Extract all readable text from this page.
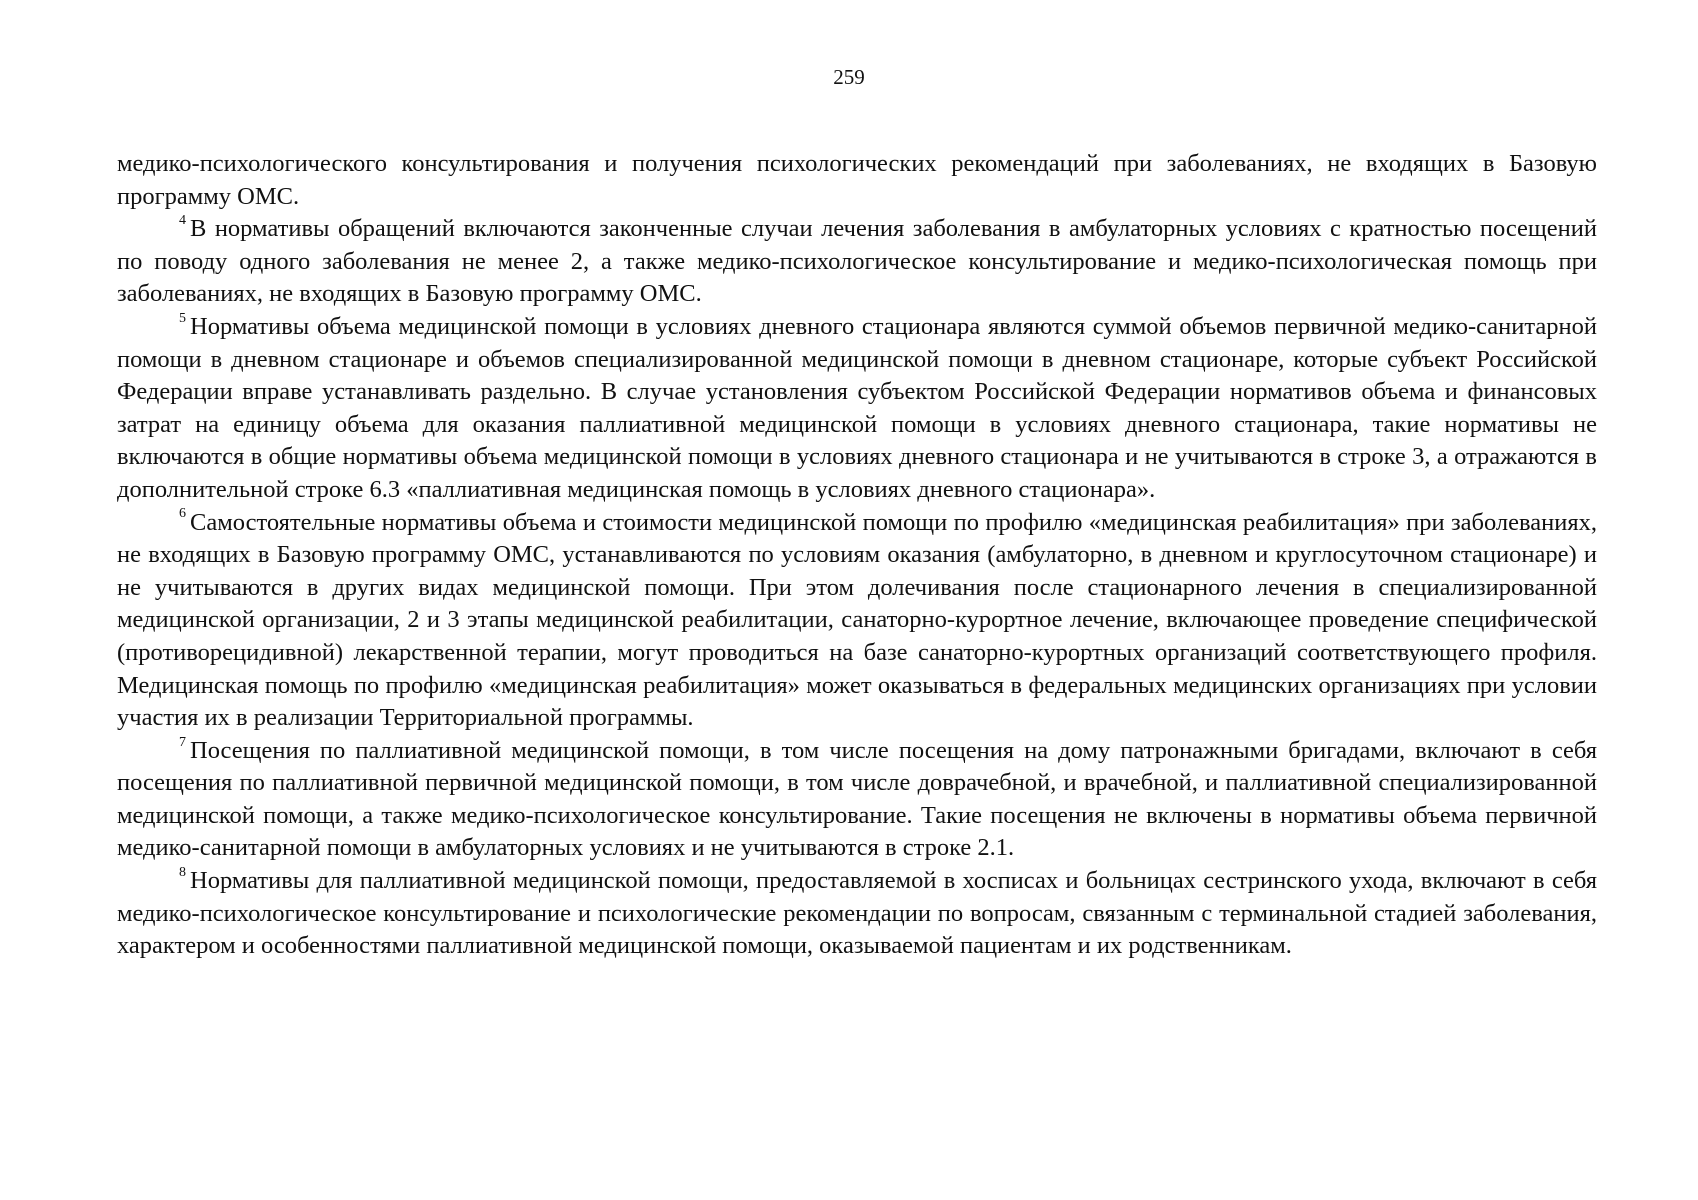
259

медико-психологического консультирования и получения психологических рекомендаций при заболеваниях, не входящих в Базовую программу ОМС.

$^4$ В нормативы обращений включаются законченные случаи лечения заболевания в амбулаторных условиях с кратностью посещений по поводу одного заболевания не менее 2, а также медико-психологическое консультирование и медико-психологическая помощь при заболеваниях, не входящих в Базовую программу ОМС.

$^5$ Нормативы объема медицинской помощи в условиях дневного стационара являются суммой объемов первичной медико-санитарной помощи в дневном стационаре и объемов специализированной медицинской помощи в дневном стационаре, которые субъект Российской Федерации вправе устанавливать раздельно. В случае установления субъектом Российской Федерации нормативов объема и финансовых затрат на единицу объема для оказания паллиативной медицинской помощи в условиях дневного стационара, такие нормативы не включаются в общие нормативы объема медицинской помощи в условиях дневного стационара и не учитываются в строке 3, а отражаются в дополнительной строке 6.3 «паллиативная медицинская помощь в условиях дневного стационара».

$^6$ Самостоятельные нормативы объема и стоимости медицинской помощи по профилю «медицинская реабилитация» при заболеваниях, не входящих в Базовую программу ОМС, устанавливаются по условиям оказания (амбулаторно, в дневном и круглосуточном стационаре) и не учитываются в других видах медицинской помощи. При этом долечивания после стационарного лечения в специализированной медицинской организации, 2 и 3 этапы медицинской реабилитации, санаторно-курортное лечение, включающее проведение специфической (противорецидивной) лекарственной терапии, могут проводиться на базе санаторно-курортных организаций соответствующего профиля. Медицинская помощь по профилю «медицинская реабилитация» может оказываться в федеральных медицинских организациях при условии участия их в реализации Территориальной программы.

$^7$ Посещения по паллиативной медицинской помощи, в том числе посещения на дому патронажными бригадами, включают в себя посещения по паллиативной первичной медицинской помощи, в том числе доврачебной, и врачебной, и паллиативной специализированной медицинской помощи, а также медико-психологическое консультирование. Такие посещения не включены в нормативы объема первичной медико-санитарной помощи в амбулаторных условиях и не учитываются в строке 2.1.

$^8$ Нормативы для паллиативной медицинской помощи, предоставляемой в хосписах и больницах сестринского ухода, включают в себя медико-психологическое консультирование и психологические рекомендации по вопросам, связанным с терминальной стадией заболевания, характером и особенностями паллиативной медицинской помощи, оказываемой пациентам и их родственникам.
